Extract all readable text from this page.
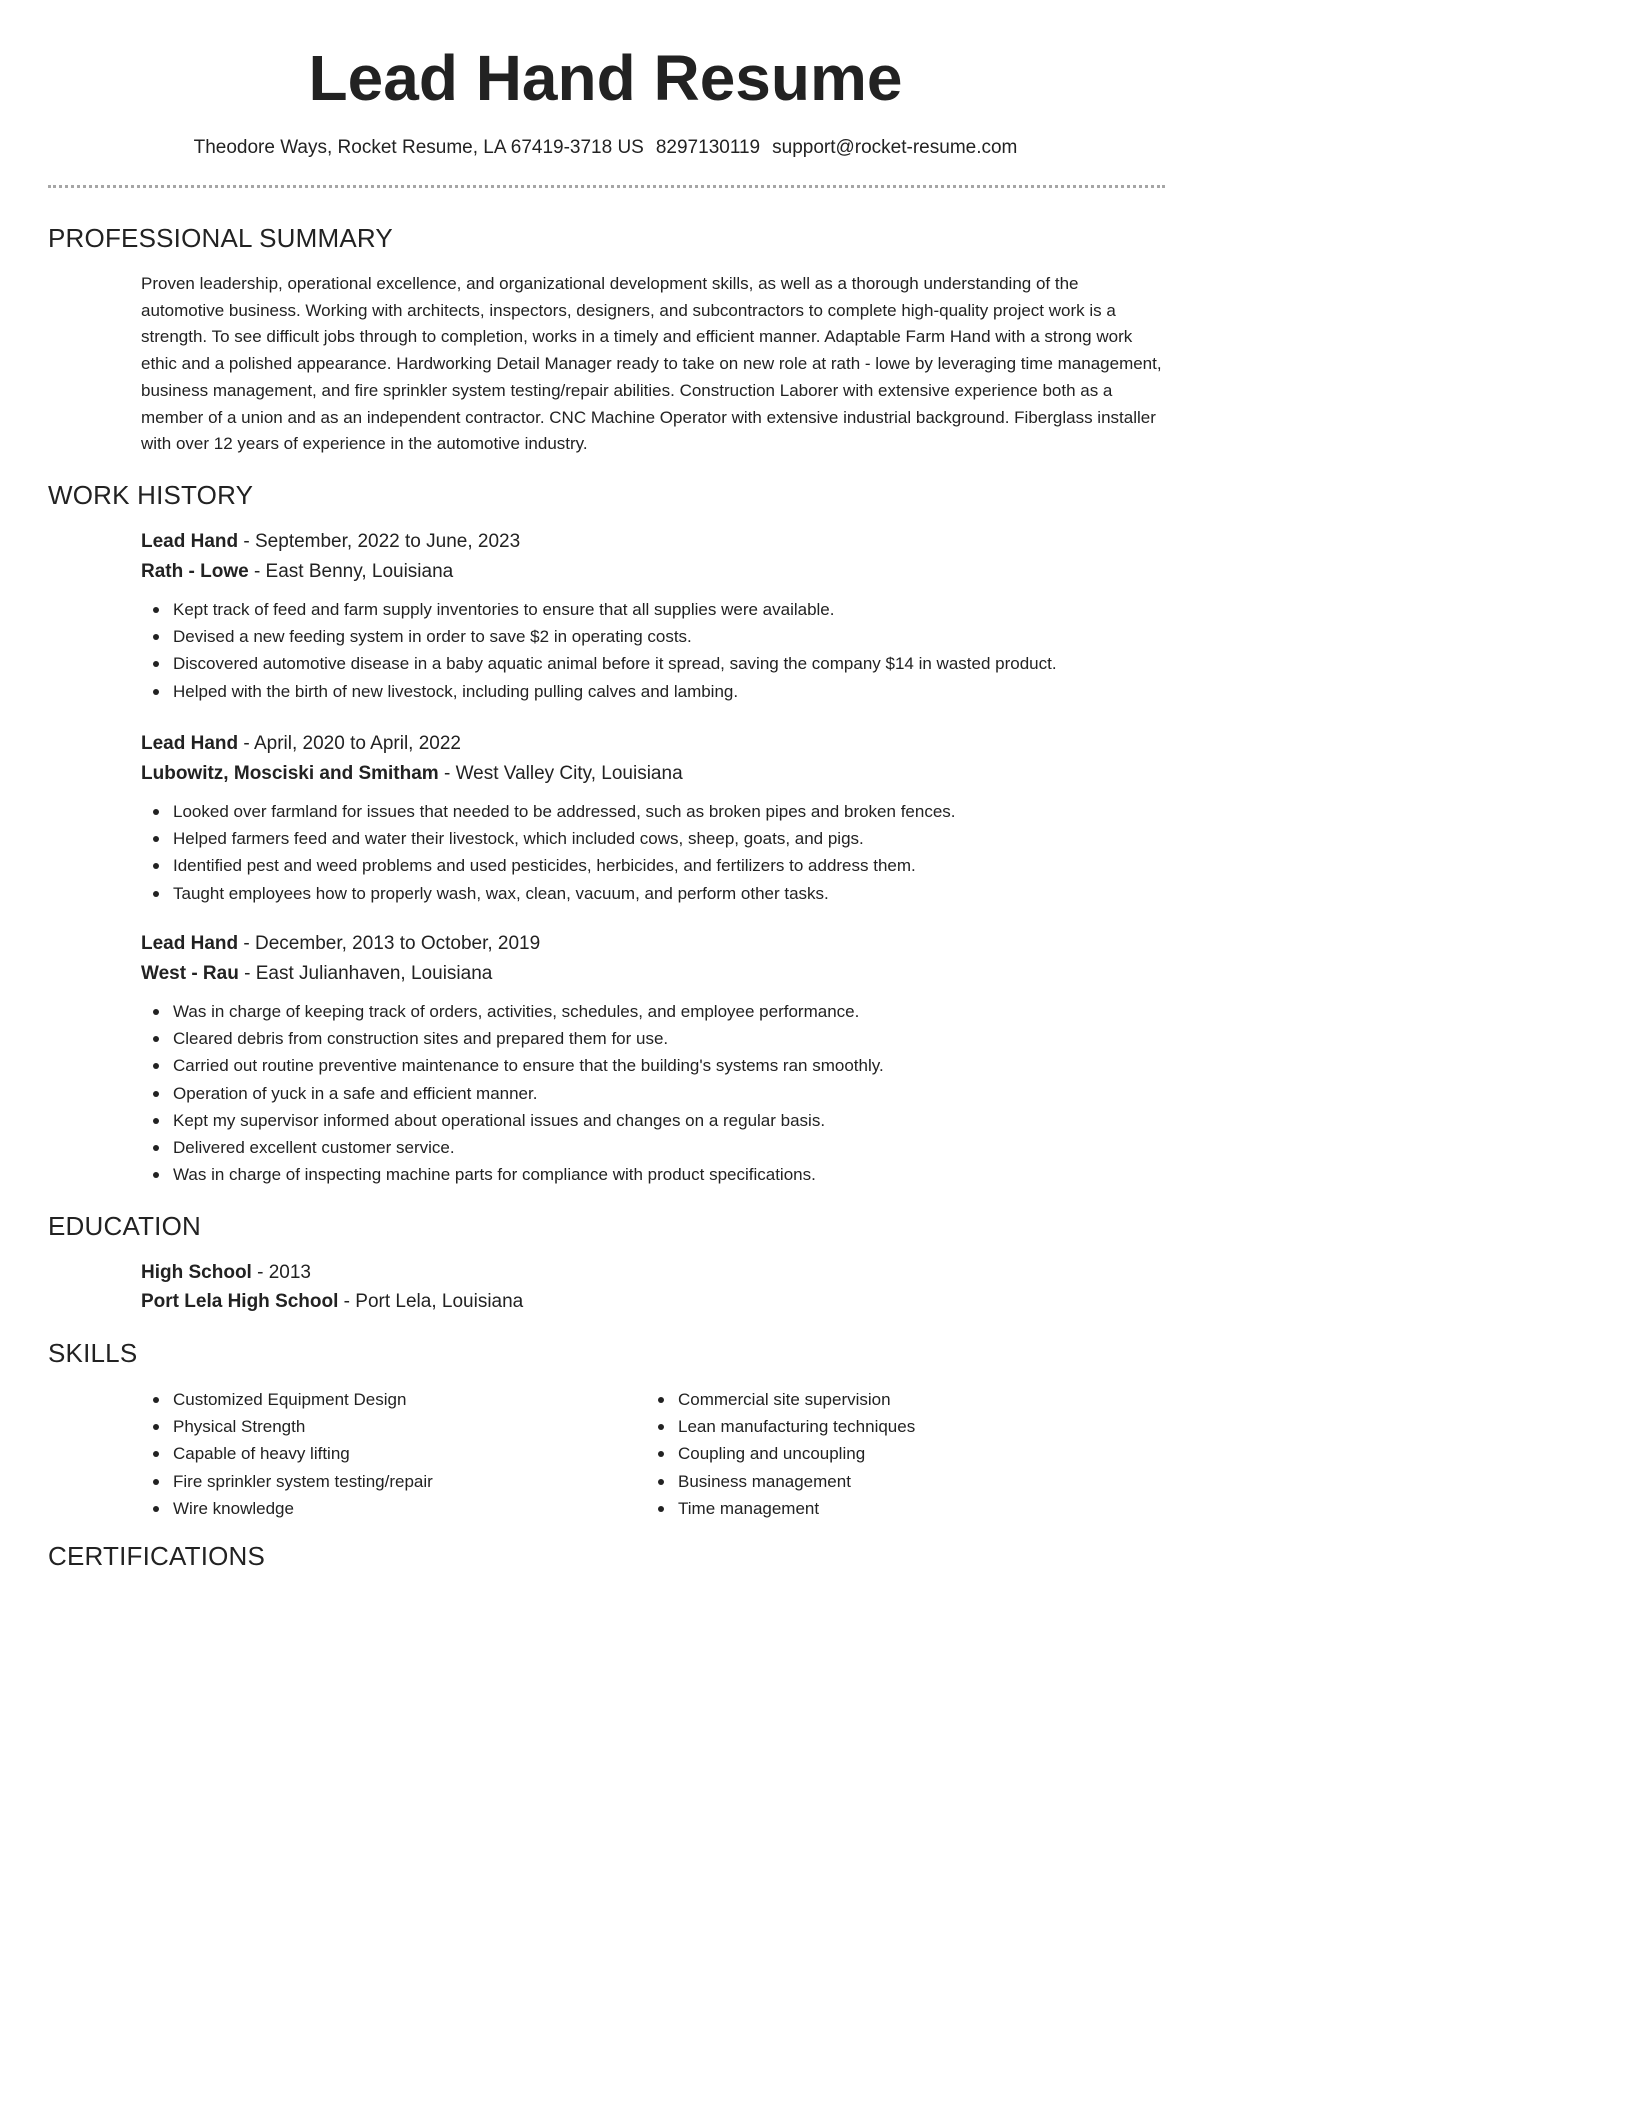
Lead Hand Resume
Theodore Ways, Rocket Resume, LA 67419-3718 US 8297130119 support@rocket-resume.com
PROFESSIONAL SUMMARY

Proven leadership, operational excellence, and organizational development skills, as well as a thorough understanding of the automotive business. Working with architects, inspectors, designers, and subcontractors to complete high-quality project work is a strength. To see difficult jobs through to completion, works in a timely and efficient manner. Adaptable Farm Hand with a strong work ethic and a polished appearance. Hardworking Detail Manager ready to take on new role at rath - lowe by leveraging time management, business management, and fire sprinkler system testing/repair abilities. Construction Laborer with extensive experience both as a member of a union and as an independent contractor. CNC Machine Operator with extensive industrial background. Fiberglass installer with over 12 years of experience in the automotive industry.

WORK HISTORY
Lead Hand - September, 2022 to June, 2023
Rath - Lowe - East Benny, Louisiana
Kept track of feed and farm supply inventories to ensure that all supplies were available.
Devised a new feeding system in order to save $2 in operating costs.
Discovered automotive disease in a baby aquatic animal before it spread, saving the company $14 in wasted product.
Helped with the birth of new livestock, including pulling calves and lambing.
Lead Hand - April, 2020 to April, 2022
Lubowitz, Mosciski and Smitham - West Valley City, Louisiana
Looked over farmland for issues that needed to be addressed, such as broken pipes and broken fences.
Helped farmers feed and water their livestock, which included cows, sheep, goats, and pigs.
Identified pest and weed problems and used pesticides, herbicides, and fertilizers to address them.
Taught employees how to properly wash, wax, clean, vacuum, and perform other tasks.
Lead Hand - December, 2013 to October, 2019
West - Rau - East Julianhaven, Louisiana
Was in charge of keeping track of orders, activities, schedules, and employee performance.
Cleared debris from construction sites and prepared them for use.
Carried out routine preventive maintenance to ensure that the building's systems ran smoothly.
Operation of yuck in a safe and efficient manner.
Kept my supervisor informed about operational issues and changes on a regular basis.
Delivered excellent customer service.
Was in charge of inspecting machine parts for compliance with product specifications.
EDUCATION
High School - 2013
Port Lela High School - Port Lela, Louisiana
SKILLS
Customized Equipment Design
Physical Strength
Capable of heavy lifting
Fire sprinkler system testing/repair
Wire knowledge
Commercial site supervision
Lean manufacturing techniques
Coupling and uncoupling
Business management
Time management
CERTIFICATIONS
